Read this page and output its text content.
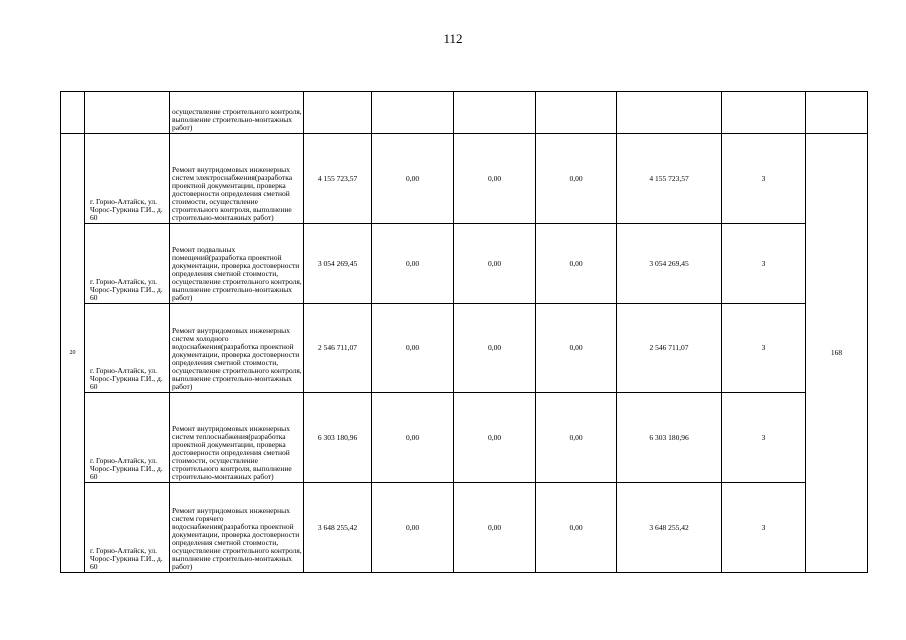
112
		осуществление строительного контроля, выполнение строительно-монтажных работ)							
20	г. Горно-Алтайск, ул. Чорос-Гуркина Г.И., д. 60	Ремонт внутридомовых инженерных систем электроснабжения(разработка проектной документации, проверка достоверности определения сметной стоимости, осуществление строительного контроля, выполнение строительно-монтажных работ)	4 155 723,57	0,00	0,00	0,00	4 155 723,57	3	168
	г. Горно-Алтайск, ул. Чорос-Гуркина Г.И., д. 60	Ремонт подвальных помещений(разработка проектной документации, проверка достоверности определения сметной стоимости, осуществление строительного контроля, выполнение строительно-монтажных работ)	3 054 269,45	0,00	0,00	0,00	3 054 269,45	3	
	г. Горно-Алтайск, ул. Чорос-Гуркина Г.И., д. 60	Ремонт внутридомовых инженерных систем холодного водоснабжения(разработка проектной документации, проверка достоверности определения сметной стоимости, осуществление строительного контроля, выполнение строительно-монтажных работ)	2 546 711,07	0,00	0,00	0,00	2 546 711,07	3	
	г. Горно-Алтайск, ул. Чорос-Гуркина Г.И., д. 60	Ремонт внутридомовых инженерных систем теплоснабжения(разработка проектной документации, проверка достоверности определения сметной стоимости, осуществление строительного контроля, выполнение строительно-монтажных работ)	6 303 180,96	0,00	0,00	0,00	6 303 180,96	3	
	г. Горно-Алтайск, ул. Чорос-Гуркина Г.И., д. 60	Ремонт внутридомовых инженерных систем горячего водоснабжения(разработка проектной документации, проверка достоверности определения сметной стоимости, осуществление строительного контроля, выполнение строительно-монтажных работ)	3 648 255,42	0,00	0,00	0,00	3 648 255,42	3	
